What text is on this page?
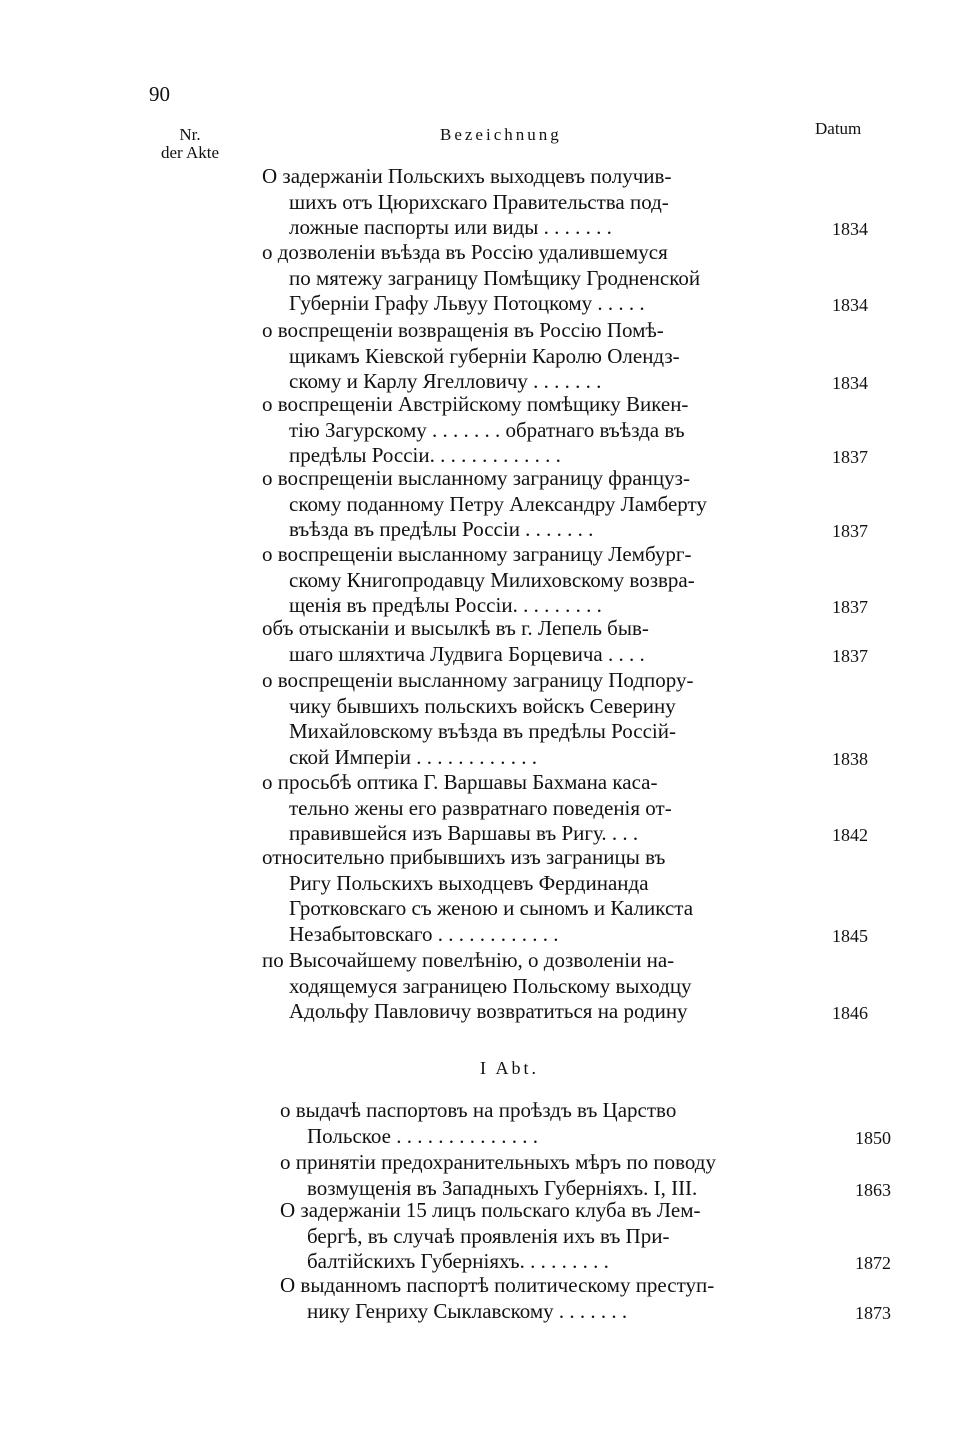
90
Nr.
der Akte
Bezeichnung	Datum
О задержаніи Польскихъ выходцевъ получив-
шихъ отъ Цюрихскаго Правительства под-
ложные паспорты или виды . . . . . . .	1834
о дозволеніи въѣзда въ Россію удалившемуся
по мятежу заграницу Помѣщику Гродненской
Губерніи Графу Львуу Потоцкому . . . . .	1834
о воспрещеніи возвращенія въ Россію Помѣ-
щикамъ Кіевской губерніи Каролю Олендз-
скому и Карлу Ягелловичу . . . . . . .	1834
о воспрещеніи Австрійскому помѣщику Викен-
тію Загурскому . . . . . . . обратнаго въѣзда въ
предѣлы Россіи. . . . . . . . . . . . .	1837
о воспрещеніи высланному заграницу француз-
скому поданному Петру Александру Ламберту
въѣзда въ предѣлы Россіи . . . . . . .	1837
о воспрещеніи высланному заграницу Лембург-
скому Книгопродавцу Милиховскому возвра-
щенія въ предѣлы Россіи. . . . . . . . .	1837
объ отысканіи и высылкѣ въ г. Лепель быв-
шаго шляхтича Лудвига Борцевича . . . .	1837
о воспрещеніи высланному заграницу Подпору-
чику бывшихъ польскихъ войскъ Северину
Михайловскому въѣзда въ предѣлы Россій-
ской Имперіи . . . . . . . . . . . .	1838
о просьбѣ оптика Г. Варшавы Бахмана каса-
тельно жены его развратнаго поведенія от-
правившейся изъ Варшавы въ Ригу. . . .	1842
относительно прибывшихъ изъ заграницы въ
Ригу Польскихъ выходцевъ Фердинанда
Гротковскаго съ женою и сыномъ и Каликста
Незабытовскаго . . . . . . . . . . . .	1845
по Высочайшему повелѣнію, о дозволеніи на-
ходящемуся заграницею Польскому выходцу
Адольфу Павловичу возвратиться на родину	1846
I Abt.
о выдачѣ паспортовъ на проѣздъ въ Царство
Польское . . . . . . . . . . . . . .	1850
о принятіи предохранительныхъ мѣръ по поводу
возмущенія въ Западныхъ Губерніяхъ. I, III.	1863
О задержаніи 15 лицъ польскаго клуба въ Лем-
бергѣ, въ случаѣ проявленія ихъ въ При-
балтійскихъ Губерніяхъ. . . . . . . . .	1872
О выданномъ паспортѣ политическому преступ-
нику Генриху Сыклавскому . . . . . . .	1873
